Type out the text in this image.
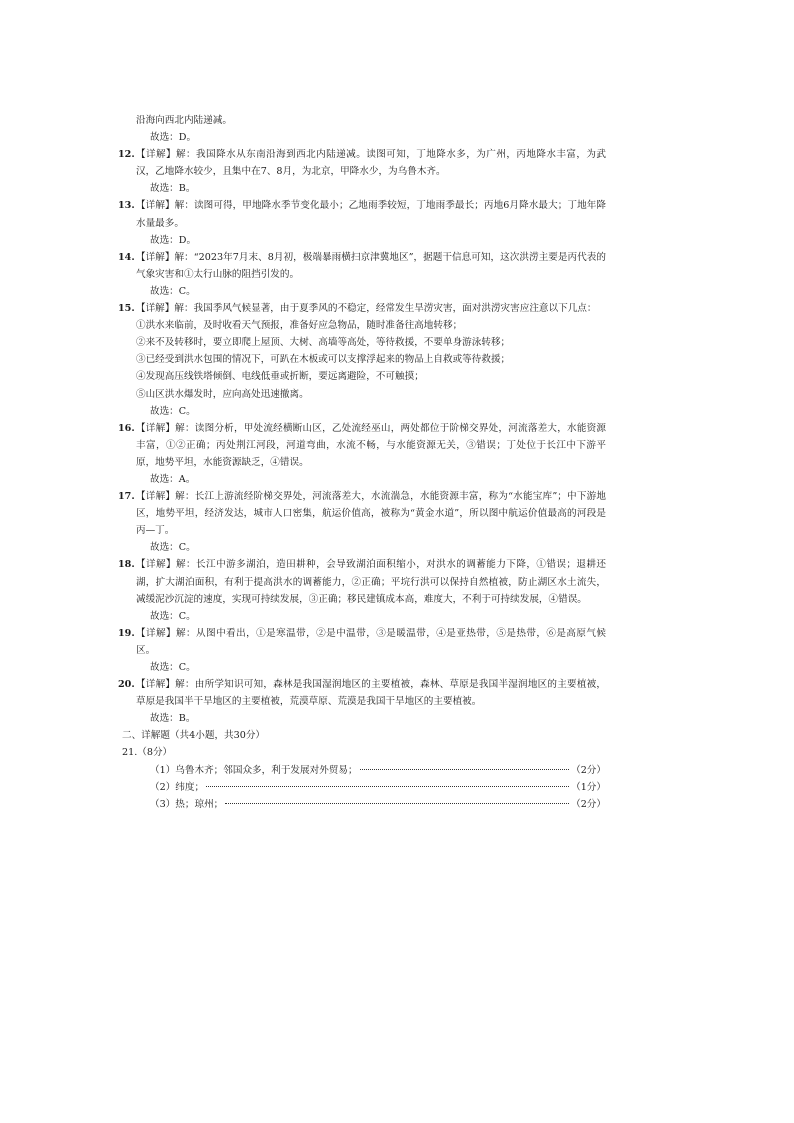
沿海向西北内陆递减。

故选：D。

12. 【详解】解：我国降水从东南沿海到西北内陆递减。读图可知，丁地降水多，为广州，丙地降水丰富，为武汉，乙地降水较少，且集中在7、8月，为北京，甲降水少，为乌鲁木齐。

故选：B。

13. 【详解】解：读图可得，甲地降水季节变化最小；乙地雨季较短，丁地雨季最长；丙地6月降水最大；丁地年降水量最多。

故选：D。

14. 【详解】解：“2023年7月末、8月初，极端暴雨横扫京津冀地区”，据题干信息可知，这次洪涝主要是丙代表的气象灾害和①太行山脉的阻挡引发的。

故选：C。

15. 【详解】解：我国季风气候显著，由于夏季风的不稳定，经常发生旱涝灾害，面对洪涝灾害应注意以下几点：

①洪水来临前，及时收看天气预报，准备好应急物品，随时准备往高地转移；

②来不及转移时，要立即爬上屋顶、大树、高墙等高处，等待救援，不要单身游泳转移；

③已经受到洪水包围的情况下，可趴在木板或可以支撑浮起来的物品上自救或等待救援；

④发现高压线铁塔倾倒、电线低垂或折断，要远离避险，不可触摸；

⑤山区洪水爆发时，应向高处迅速撤离。

故选：C。

16. 【详解】解：读图分析，甲处流经横断山区，乙处流经巫山，两处都位于阶梯交界处，河流落差大，水能资源丰富，①②正确；丙处荆江河段，河道弯曲，水流不畅，与水能资源无关，③错误；丁处位于长江中下游平原，地势平坦，水能资源缺乏，④错误。

故选：A。

17. 【详解】解：长江上游流经阶梯交界处，河流落差大，水流湍急，水能资源丰富，称为“水能宝库”；中下游地区，地势平坦，经济发达，城市人口密集，航运价值高，被称为“黄金水道”，所以图中航运价值最高的河段是丙—丁。

故选：C。

18. 【详解】解：长江中游多湖泊，造田耕种，会导致湖泊面积缩小，对洪水的调蓄能力下降，①错误；退耕还湖，扩大湖泊面积，有利于提高洪水的调蓄能力，②正确；平垸行洪可以保持自然植被，防止湖区水土流失，减缓泥沙沉淀的速度，实现可持续发展，③正确；移民建镇成本高，难度大，不利于可持续发展，④错误。

故选：C。

19. 【详解】解：从图中看出，①是寒温带，②是中温带，③是暖温带，④是亚热带，⑤是热带，⑥是高原气候区。

故选：C。

20. 【详解】解：由所学知识可知，森林是我国湿润地区的主要植被，森林、草原是我国半湿润地区的主要植被，草原是我国半干旱地区的主要植被，荒漠草原、荒漠是我国干旱地区的主要植被。

故选：B。

二、详解题（共4小题，共30分）

21.（8分）

（1）乌鲁木齐；邻国众多，利于发展对外贸易；	（2分）
（2）纬度；	（1分）
（3）热；琼州；	（2分）
